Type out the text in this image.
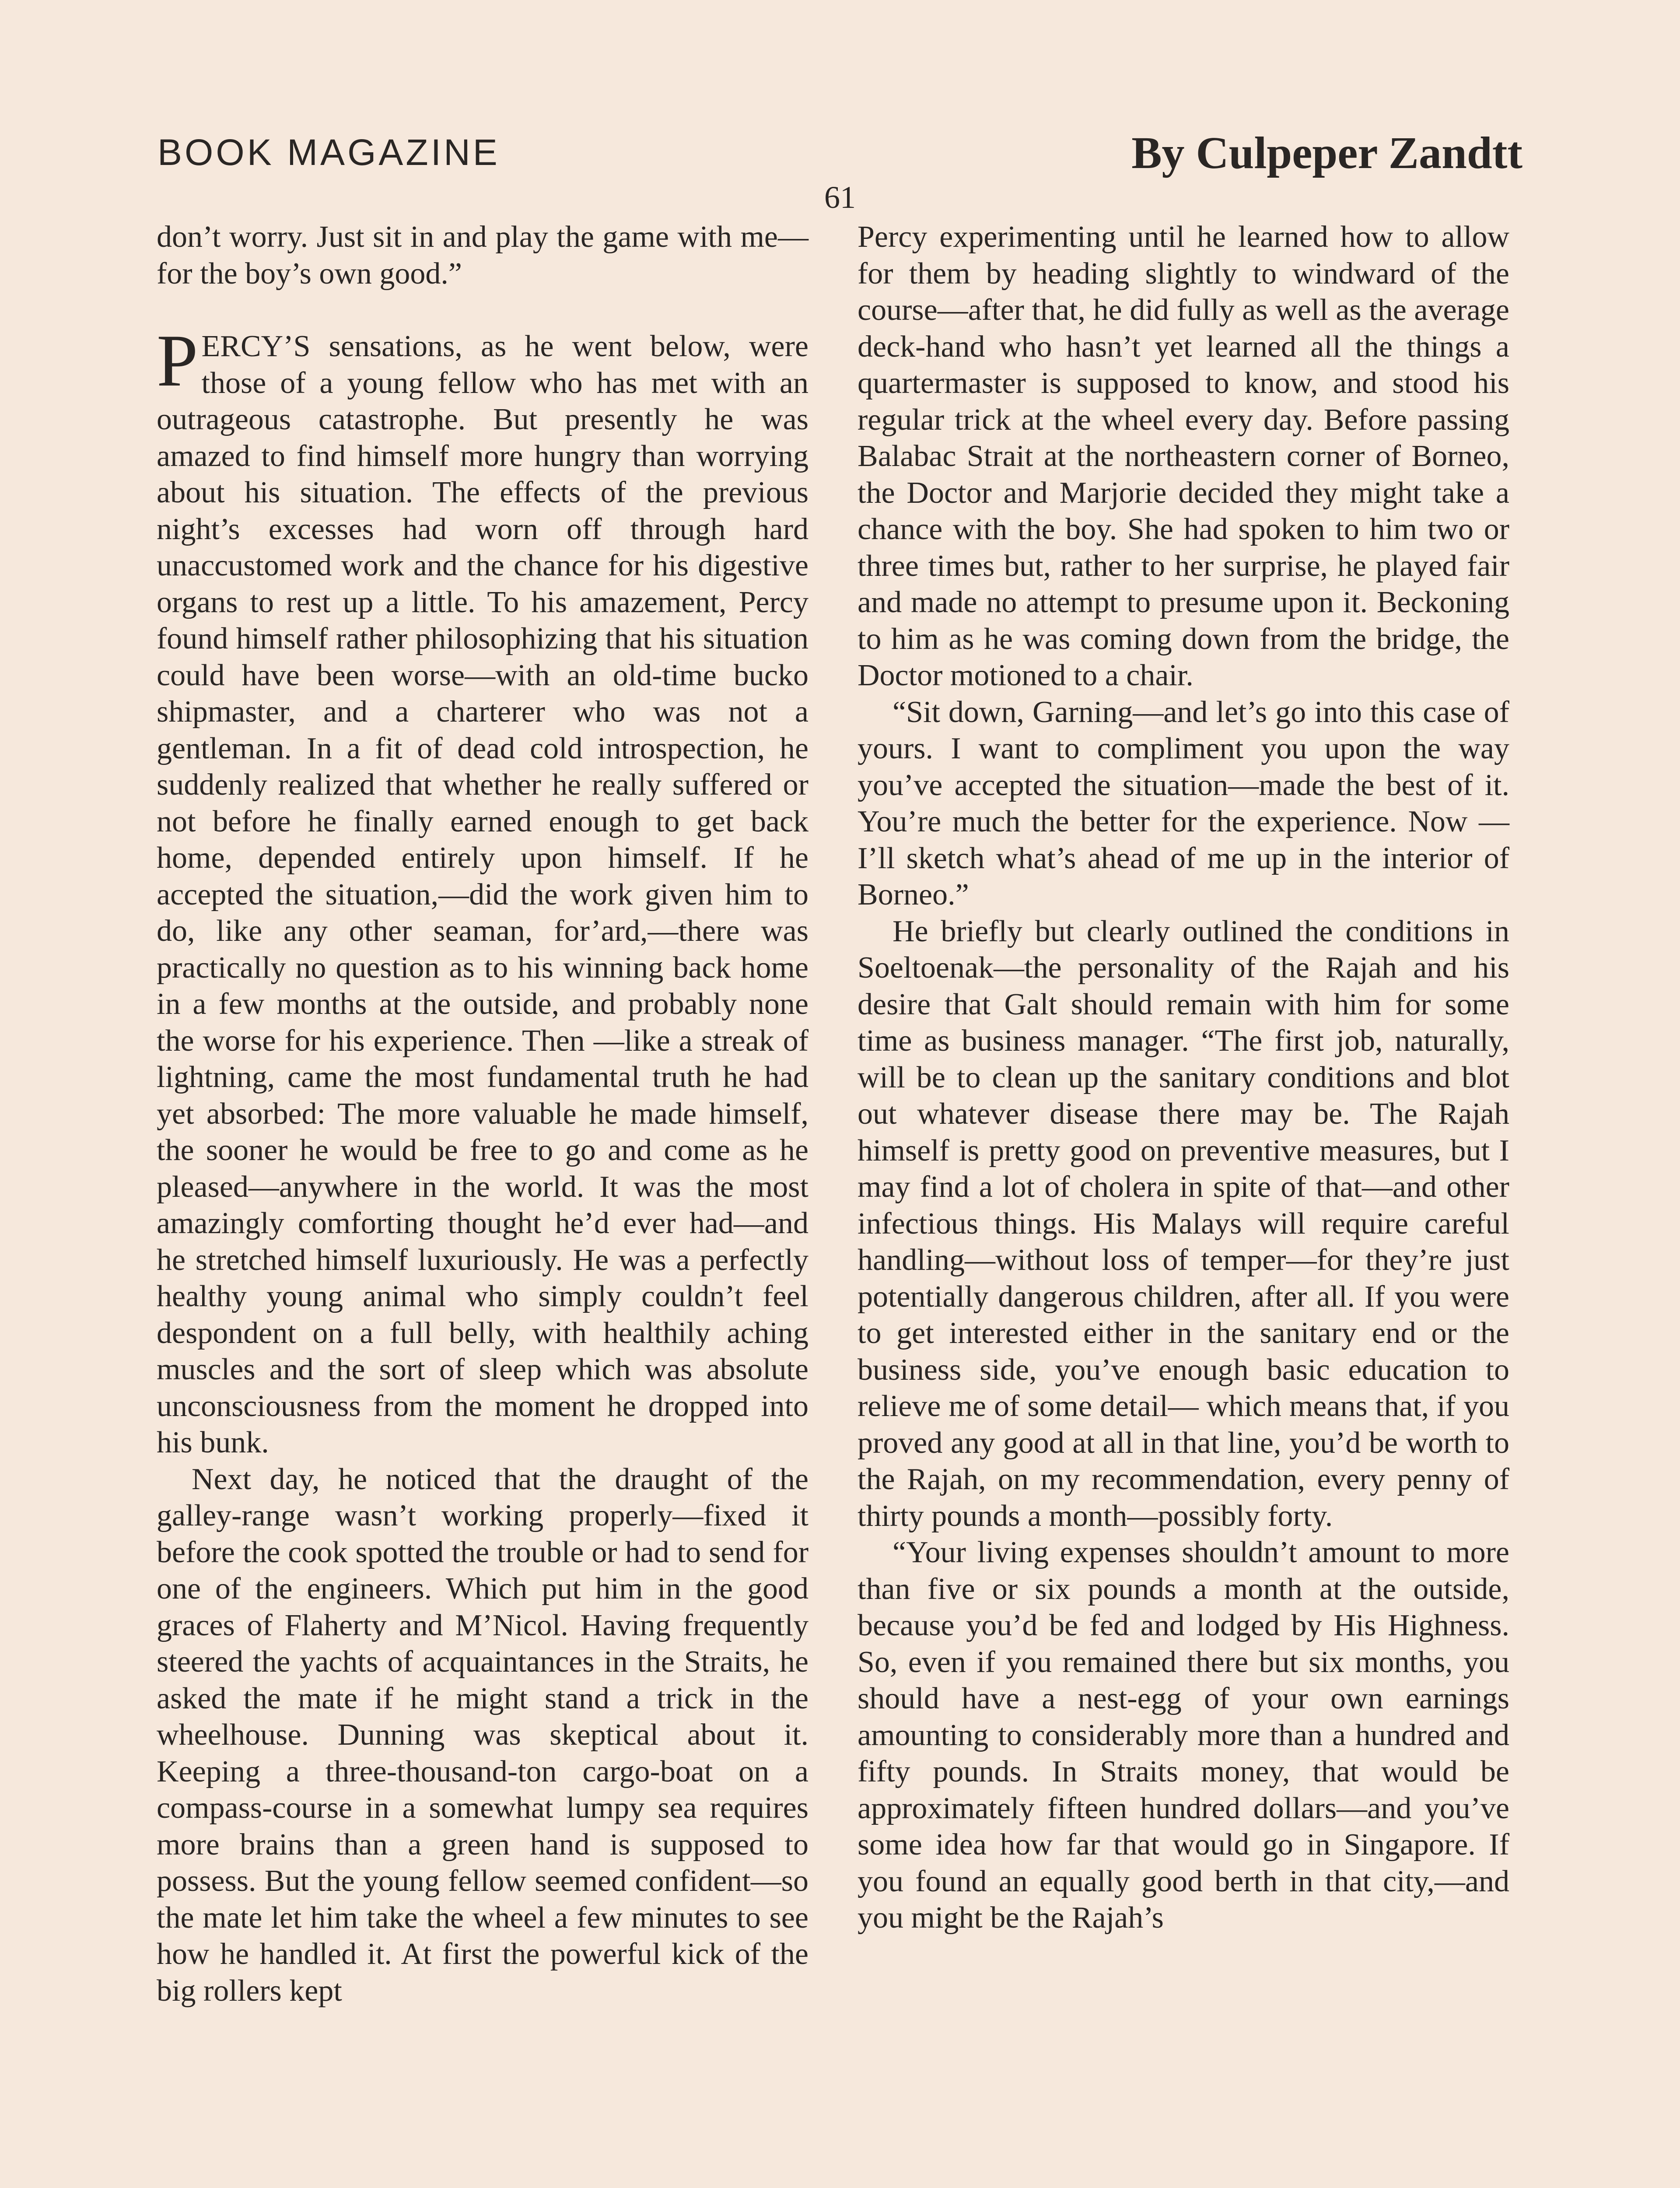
BOOK MAGAZINE	By Culpeper Zandtt
61

don’t worry. Just sit in and play the game with me—for the boy’s own good.”

PERCY’S sensations, as he went below, were those of a young fellow who has met with an outrageous catastrophe. But presently he was amazed to find himself more hungry than worrying about his situation. The effects of the previous night’s excesses had worn off through hard unaccustomed work and the chance for his digestive organs to rest up a little. To his amazement, Percy found himself rather philosophizing that his situation could have been worse—with an old-time bucko shipmaster, and a charterer who was not a gentleman. In a fit of dead cold introspection, he suddenly realized that whether he really suffered or not before he finally earned enough to get back home, depended entirely upon himself. If he accepted the situation,—did the work given him to do, like any other seaman, for’ard,—there was practically no question as to his winning back home in a few months at the outside, and probably none the worse for his experience. Then —like a streak of lightning, came the most fundamental truth he had yet absorbed: The more valuable he made himself, the sooner he would be free to go and come as he pleased—anywhere in the world. It was the most amazingly comforting thought he’d ever had—and he stretched himself luxuriously. He was a perfectly healthy young animal who simply couldn’t feel despondent on a full belly, with healthily aching muscles and the sort of sleep which was absolute unconsciousness from the moment he dropped into his bunk.

Next day, he noticed that the draught of the galley-range wasn’t working properly—fixed it before the cook spotted the trouble or had to send for one of the engineers. Which put him in the good graces of Flaherty and M’Nicol. Having frequently steered the yachts of acquaintances in the Straits, he asked the mate if he might stand a trick in the wheelhouse. Dunning was skeptical about it. Keeping a three-thousand-ton cargo-boat on a compass-course in a somewhat lumpy sea requires more brains than a green hand is supposed to possess. But the young fellow seemed confident—so the mate let him take the wheel a few minutes to see how he handled it. At first the powerful kick of the big rollers kept

Percy experimenting until he learned how to allow for them by heading slightly to windward of the course—after that, he did fully as well as the average deck-hand who hasn’t yet learned all the things a quartermaster is supposed to know, and stood his regular trick at the wheel every day. Before passing Balabac Strait at the northeastern corner of Borneo, the Doctor and Marjorie decided they might take a chance with the boy. She had spoken to him two or three times but, rather to her surprise, he played fair and made no attempt to presume upon it. Beckoning to him as he was coming down from the bridge, the Doctor motioned to a chair.

“Sit down, Garning—and let’s go into this case of yours. I want to compliment you upon the way you’ve accepted the situation—made the best of it. You’re much the better for the experience. Now —I’ll sketch what’s ahead of me up in the interior of Borneo.”

He briefly but clearly outlined the conditions in Soeltoenak—the personality of the Rajah and his desire that Galt should remain with him for some time as business manager. “The first job, naturally, will be to clean up the sanitary conditions and blot out whatever disease there may be. The Rajah himself is pretty good on preventive measures, but I may find a lot of cholera in spite of that—and other infectious things. His Malays will require careful handling—without loss of temper—for they’re just potentially dangerous children, after all. If you were to get interested either in the sanitary end or the business side, you’ve enough basic education to relieve me of some detail— which means that, if you proved any good at all in that line, you’d be worth to the Rajah, on my recommendation, every penny of thirty pounds a month—possibly forty.

“Your living expenses shouldn’t amount to more than five or six pounds a month at the outside, because you’d be fed and lodged by His Highness. So, even if you remained there but six months, you should have a nest-egg of your own earnings amounting to considerably more than a hundred and fifty pounds. In Straits money, that would be approximately fifteen hundred dollars—and you’ve some idea how far that would go in Singapore. If you found an equally good berth in that city,—and you might be the Rajah’s
